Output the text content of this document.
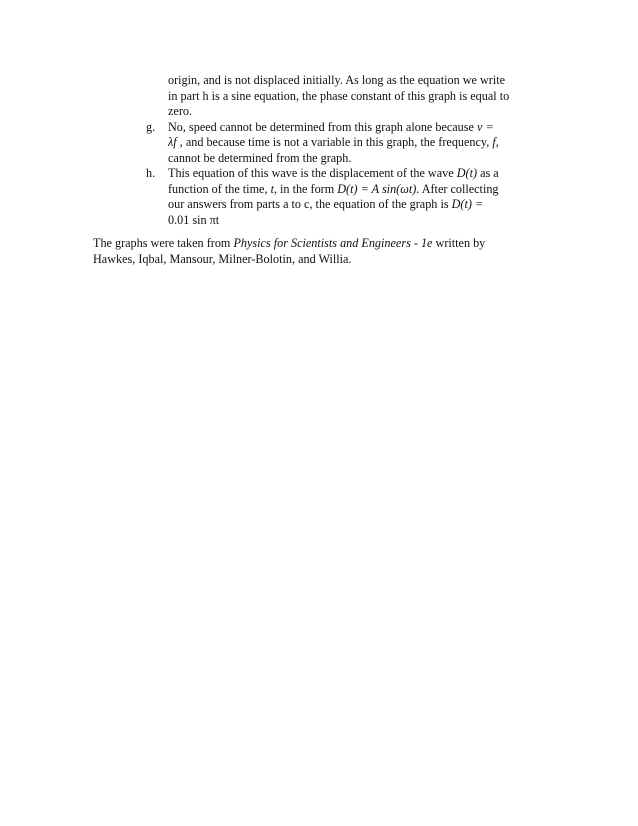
origin, and is not displaced initially. As long as the equation we write
in part h is a sine equation, the phase constant of this graph is equal to
zero.
g.	No, speed cannot be determined from this graph alone because v =
λf , and because time is not a variable in this graph, the frequency, f,
cannot be determined from the graph.
h.	This equation of this wave is the displacement of the wave D(t) as a
function of the time, t, in the form D(t) = A sin(ωt). After collecting
our answers from parts a to c, the equation of the graph is D(t) =
0.01 sin πt
The graphs were taken from Physics for Scientists and Engineers - 1e written by
Hawkes, Iqbal, Mansour, Milner-Bolotin, and Willia.
